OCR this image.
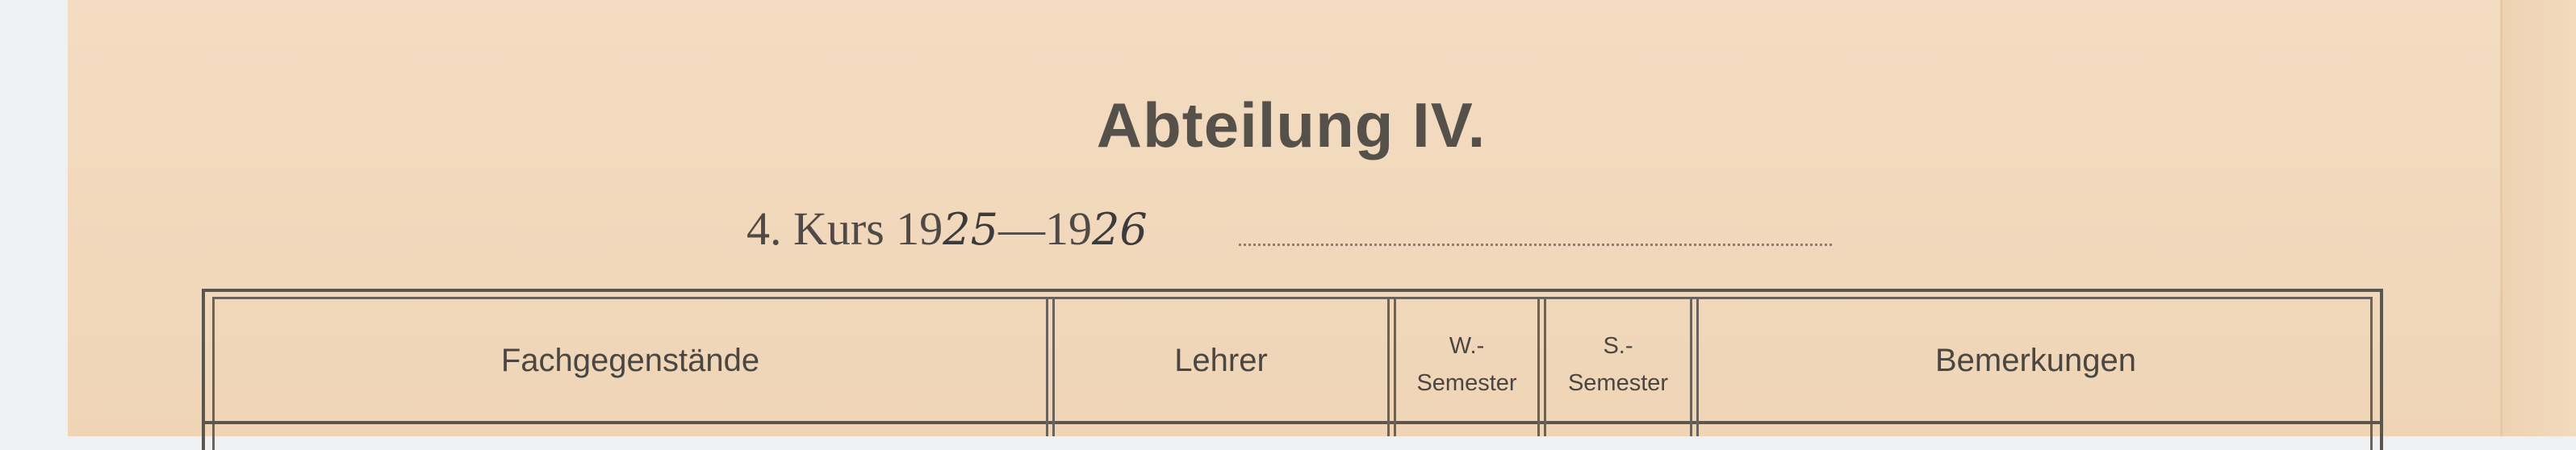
Abteilung IV.
4. Kurs 1925—1926
Fachgegenstände	Lehrer	W.-
Semester
S.-
Semester
Bemerkungen
